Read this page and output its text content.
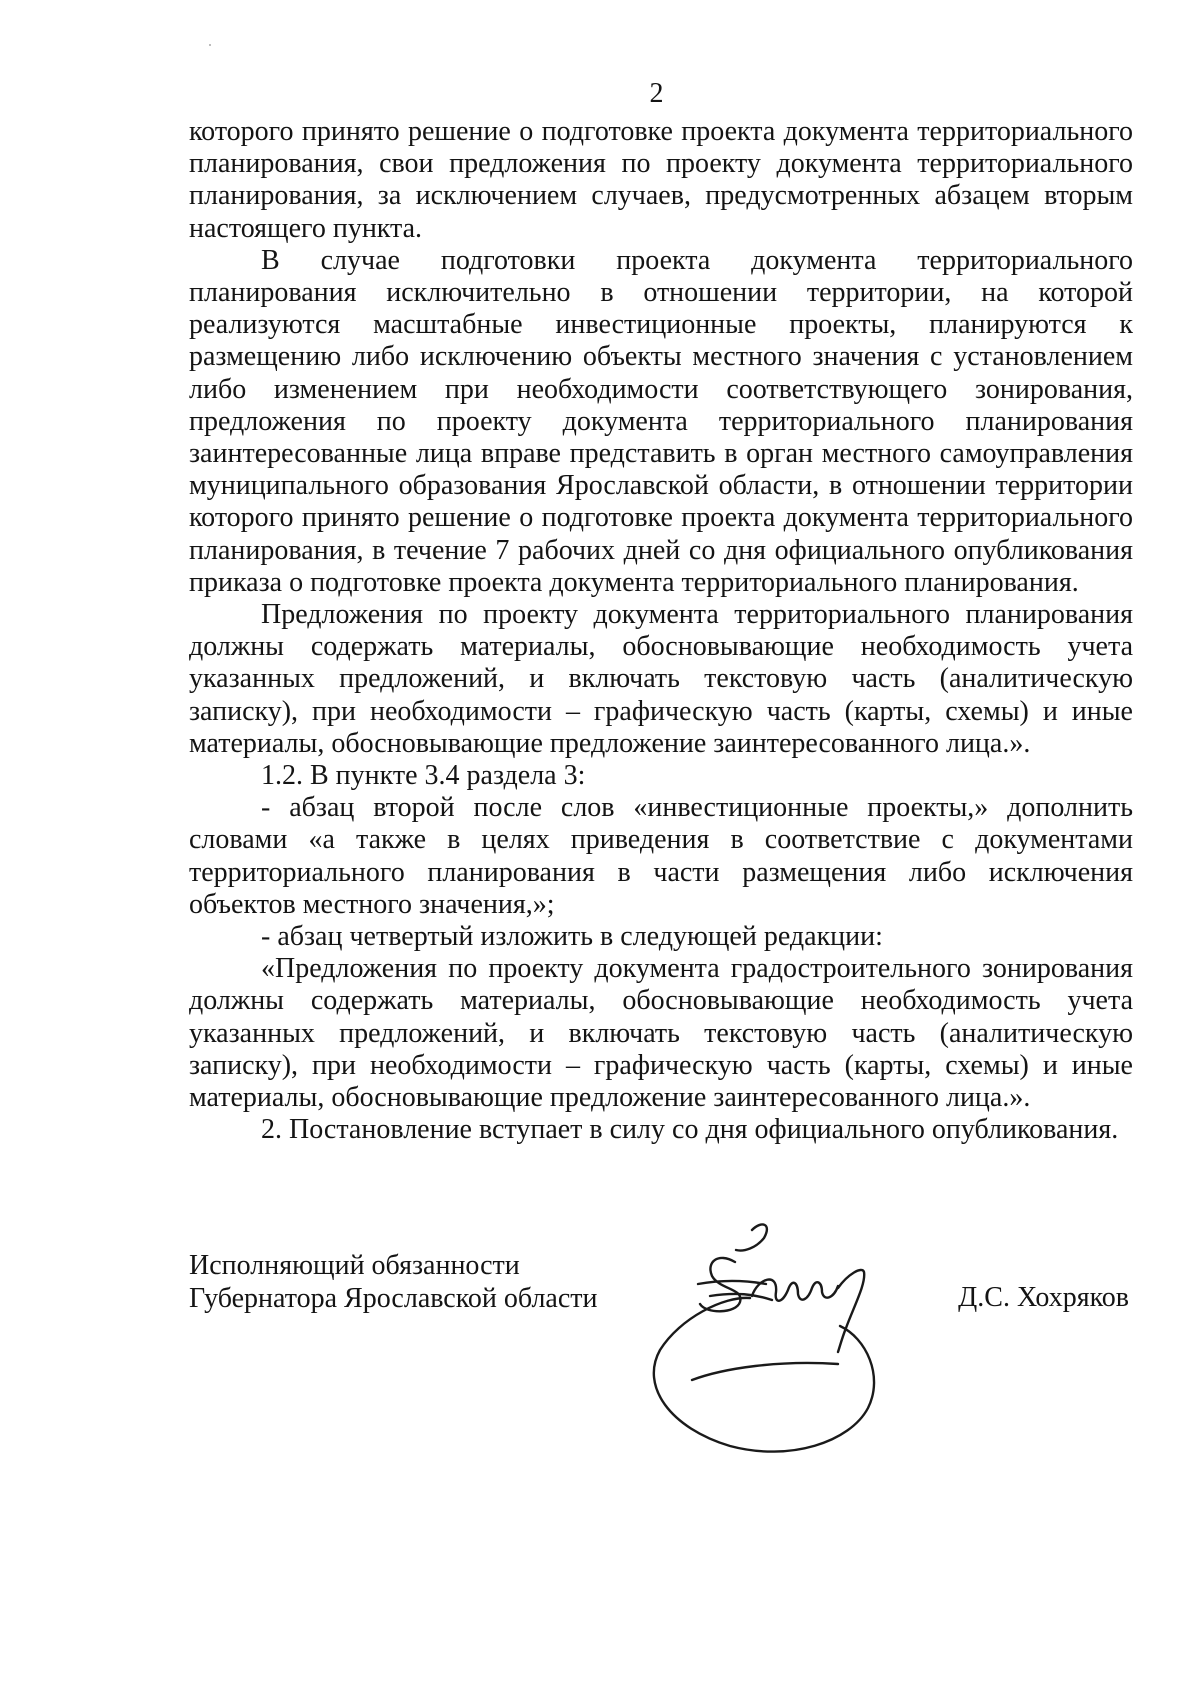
2

которого принято решение о подготовке проекта документа территориального планирования, свои предложения по проекту документа территориального планирования, за исключением случаев, предусмотренных абзацем вторым настоящего пункта.

В случае подготовки проекта документа территориального планирования исключительно в отношении территории, на которой реализуются масштабные инвестиционные проекты, планируются к размещению либо исключению объекты местного значения с установлением либо изменением при необходимости соответствующего зонирования, предложения по проекту документа территориального планирования заинтересованные лица вправе представить в орган местного самоуправления муниципального образования Ярославской области, в отношении территории которого принято решение о подготовке проекта документа территориального планирования, в течение 7 рабочих дней со дня официального опубликования приказа о подготовке проекта документа территориального планирования.

Предложения по проекту документа территориального планирования должны содержать материалы, обосновывающие необходимость учета указанных предложений, и включать текстовую часть (аналитическую записку), при необходимости – графическую часть (карты, схемы) и иные материалы, обосновывающие предложение заинтересованного лица.».

1.2. В пункте 3.4 раздела 3:

- абзац второй после слов «инвестиционные проекты,» дополнить словами «а также в целях приведения в соответствие с документами территориального планирования в части размещения либо исключения объектов местного значения,»;

- абзац четвертый изложить в следующей редакции:

«Предложения по проекту документа градостроительного зонирования должны содержать материалы, обосновывающие необходимость учета указанных предложений, и включать текстовую часть (аналитическую записку), при необходимости – графическую часть (карты, схемы) и иные материалы, обосновывающие предложение заинтересованного лица.».

2. Постановление вступает в силу со дня официального опубликования.

Исполняющий обязанности
Губернатора Ярославской области	Д.С. Хохряков
